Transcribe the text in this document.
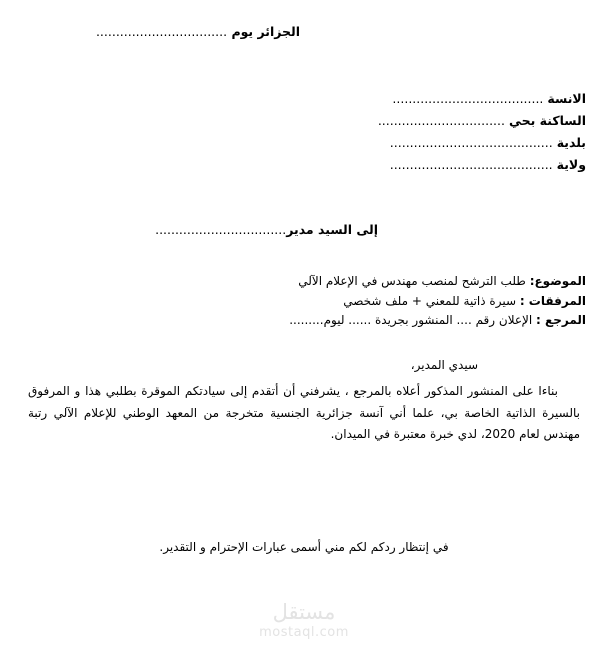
الجزائر يوم .................................
الانسة ......................................
الساكنة بحي ................................
بلدية .........................................
ولاية .........................................
إلى السيد مدير.................................
الموضوع: طلب الترشح لمنصب مهندس في الإعلام الآلي
المرفقات : سيرة ذاتية للمعني + ملف شخصي
المرجع : الإعلان رقم .... المنشور بجريدة ...... ليوم.........
سيدي المدير،

بناءا على المنشور المذكور أعلاه بالمرجع ، يشرفني أن أتقدم إلى سيادتكم الموقرة بطلبي هذا و المرفوق بالسيرة الذاتية الخاصة بي، علما أني آنسة جزائرية الجنسية متخرجة من المعهد الوطني للإعلام الآلي رتبة مهندس لعام 2020، لدي خبرة معتبرة في الميدان.

في إنتظار ردكم لكم مني أسمى عبارات الإحترام و التقدير.
مستقل
mostaql.com
